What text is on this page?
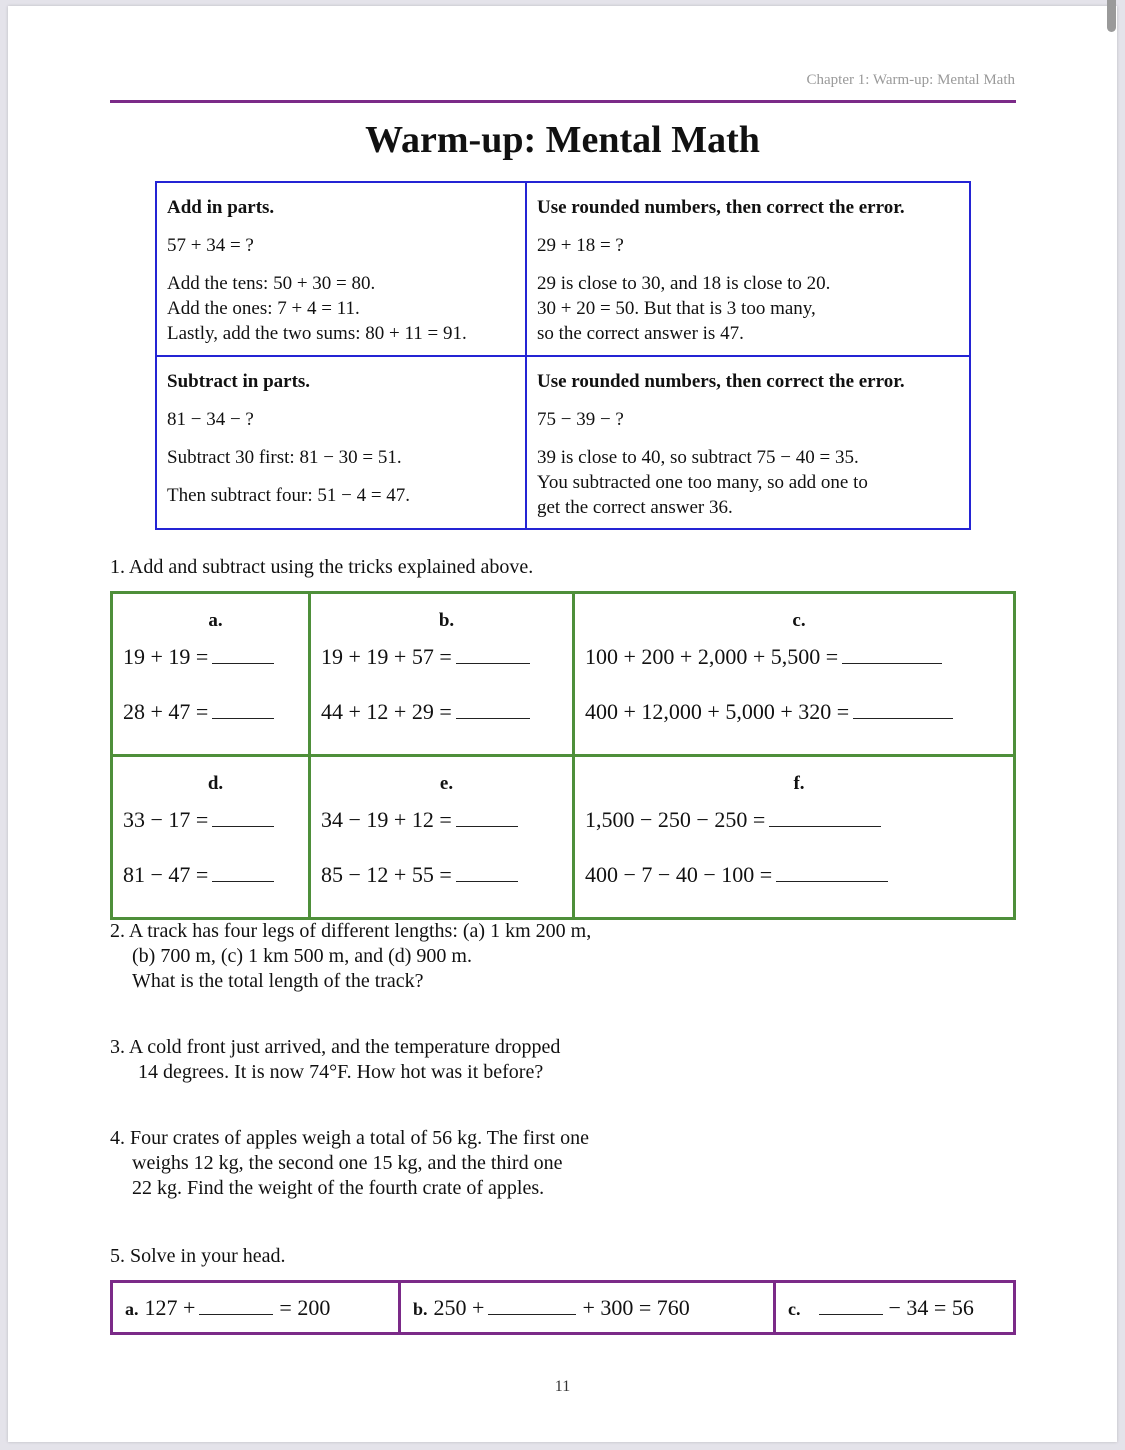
Chapter 1: Warm-up: Mental Math
Warm-up: Mental Math
Add in parts.
57 + 34 = ?
Add the tens: 50 + 30 = 80.
Add the ones: 7 + 4 = 11.
Lastly, add the two sums: 80 + 11 = 91.

Use rounded numbers, then correct the error.
29 + 18 = ?
29 is close to 30, and 18 is close to 20.
30 + 20 = 50. But that is 3 too many,
so the correct answer is 47.

Subtract in parts.
81 − 34 − ?
Subtract 30 first: 81 − 30 = 51.
Then subtract four: 51 − 4 = 47.

Use rounded numbers, then correct the error.
75 − 39 − ?
39 is close to 40, so subtract 75 − 40 = 35.
You subtracted one too many, so add one to
get the correct answer 36.
1. Add and subtract using the tricks explained above.
a.
19 + 19 =
28 + 47 =

b.
19 + 19 + 57 =
44 + 12 + 29 =

c.
100 + 200 + 2,000 + 5,500 =
400 + 12,000 + 5,000 + 320 =

d.
33 − 17 =
81 − 47 =

e.
34 − 19 + 12 =
85 − 12 + 55 =

f.
1,500 − 250 − 250 =
400 − 7 − 40 − 100 =
2. A track has four legs of different lengths: (a) 1 km 200 m,
(b) 700 m, (c) 1 km 500 m, and (d) 900 m.
What is the total length of the track?
3. A cold front just arrived, and the temperature dropped
14 degrees. It is now 74°F. How hot was it before?
4. Four crates of apples weigh a total of 56 kg. The first one
weighs 12 kg, the second one 15 kg, and the third one
22 kg. Find the weight of the fourth crate of apples.
5. Solve in your head.
a. 127 +	= 200	b. 250 +	+ 300 = 760	c.	− 34 = 56
11
